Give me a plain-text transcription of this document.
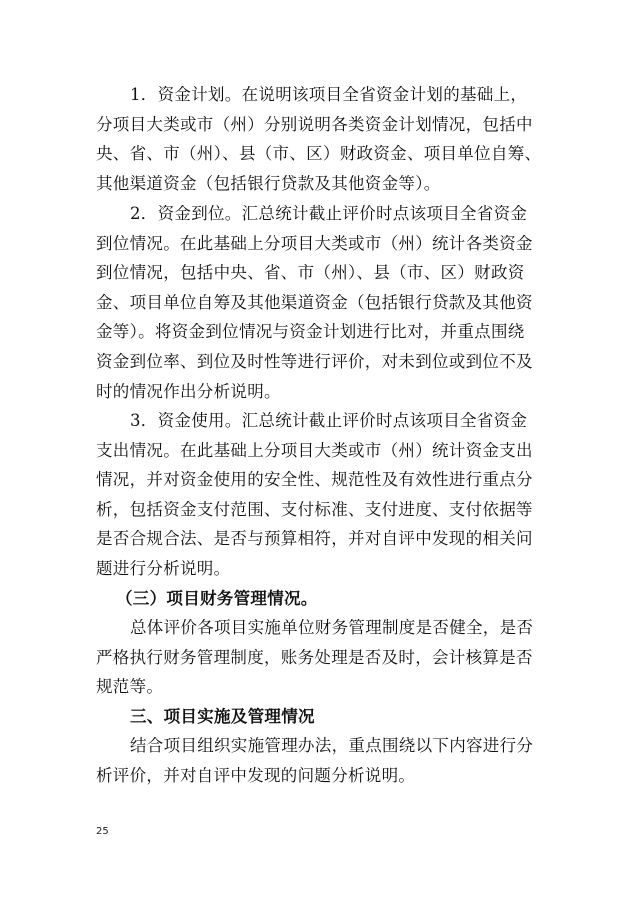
1．资金计划。在说明该项目全省资金计划的基础上，
分项目大类或市（州）分别说明各类资金计划情况，包括中
央、省、市（州）、县（市、区）财政资金、项目单位自筹、
其他渠道资金（包括银行贷款及其他资金等）。
2．资金到位。汇总统计截止评价时点该项目全省资金
到位情况。在此基础上分项目大类或市（州）统计各类资金
到位情况，包括中央、省、市（州）、县（市、区）财政资
金、项目单位自筹及其他渠道资金（包括银行贷款及其他资
金等）。将资金到位情况与资金计划进行比对，并重点围绕
资金到位率、到位及时性等进行评价，对未到位或到位不及
时的情况作出分析说明。
3．资金使用。汇总统计截止评价时点该项目全省资金
支出情况。在此基础上分项目大类或市（州）统计资金支出
情况，并对资金使用的安全性、规范性及有效性进行重点分
析，包括资金支付范围、支付标准、支付进度、支付依据等
是否合规合法、是否与预算相符，并对自评中发现的相关问
题进行分析说明。
（三）项目财务管理情况。
总体评价各项目实施单位财务管理制度是否健全，是否
严格执行财务管理制度，账务处理是否及时，会计核算是否
规范等。
三、项目实施及管理情况
结合项目组织实施管理办法，重点围绕以下内容进行分
析评价，并对自评中发现的问题分析说明。
25
